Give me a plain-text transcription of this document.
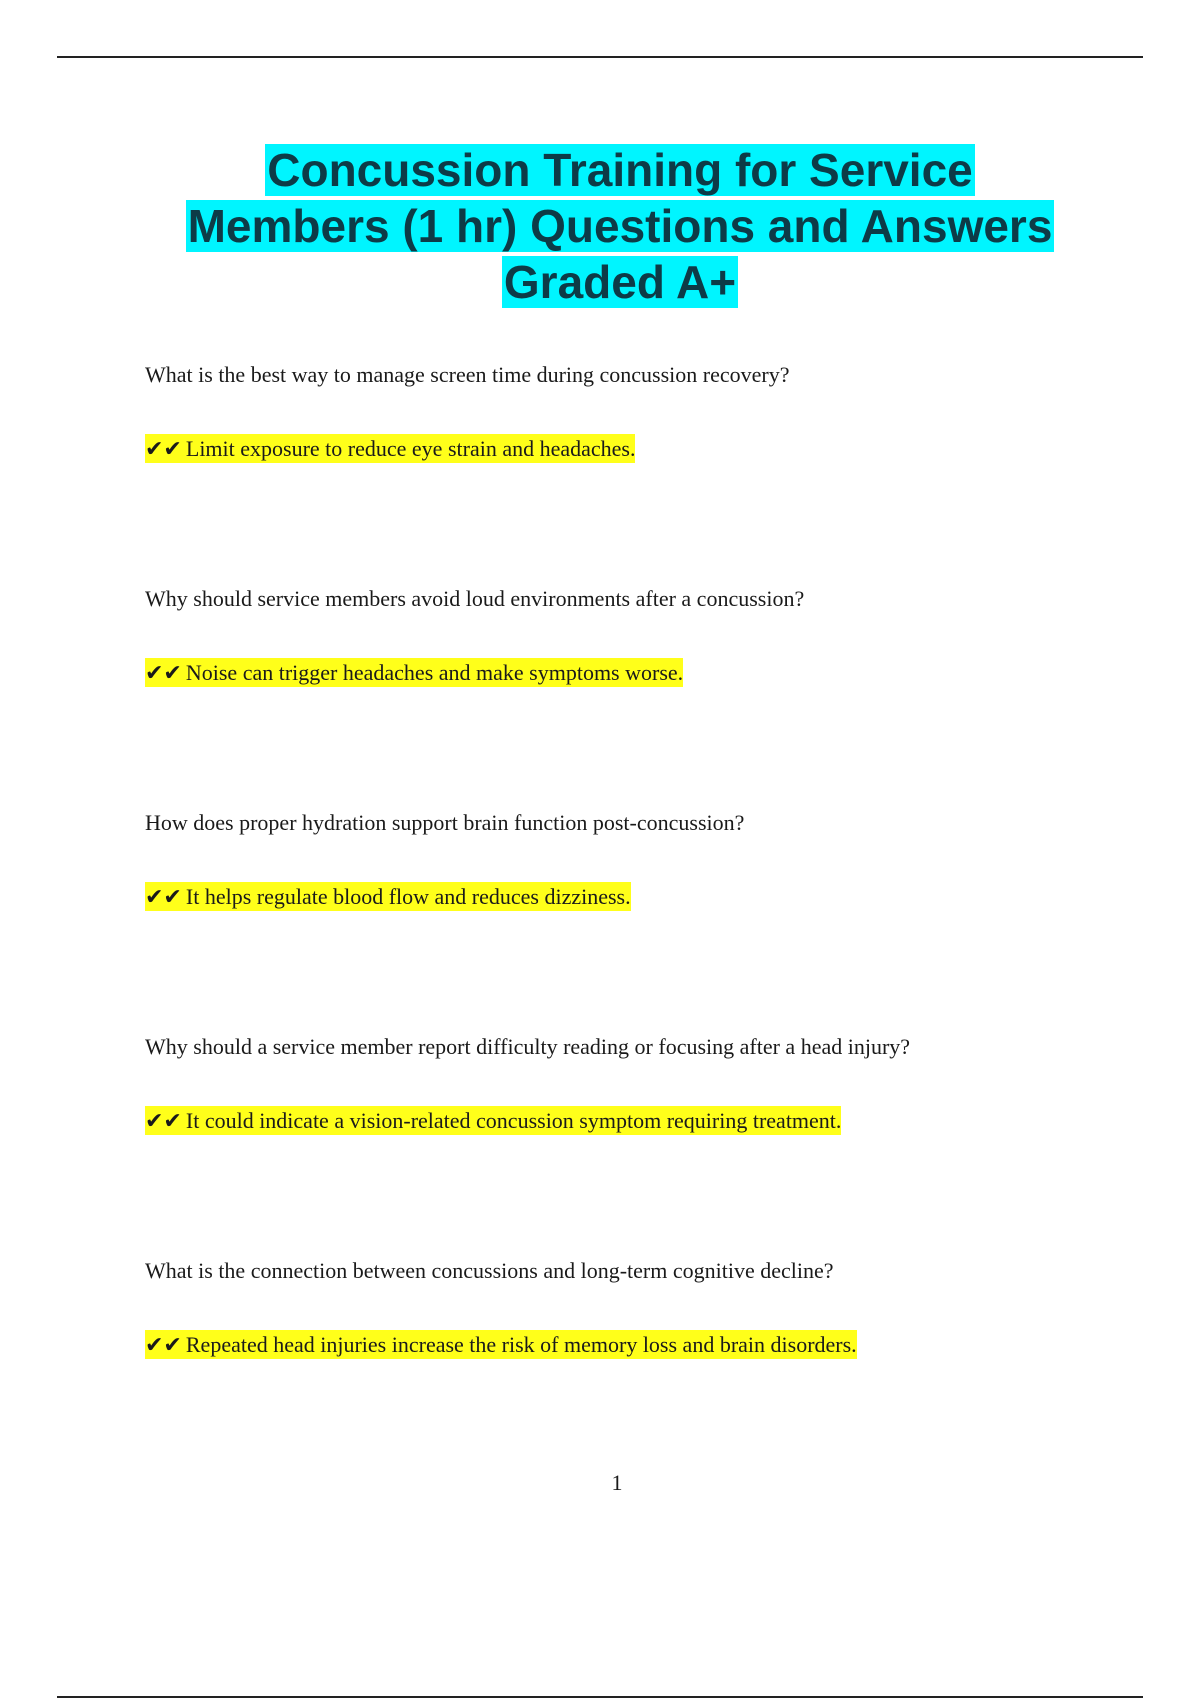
Concussion Training for Service
Members (1 hr) Questions and Answers
Graded A+

What is the best way to manage screen time during concussion recovery?

✔✔ Limit exposure to reduce eye strain and headaches.

Why should service members avoid loud environments after a concussion?

✔✔ Noise can trigger headaches and make symptoms worse.

How does proper hydration support brain function post-concussion?

✔✔ It helps regulate blood flow and reduces dizziness.

Why should a service member report difficulty reading or focusing after a head injury?

✔✔ It could indicate a vision-related concussion symptom requiring treatment.

What is the connection between concussions and long-term cognitive decline?

✔✔ Repeated head injuries increase the risk of memory loss and brain disorders.
1
